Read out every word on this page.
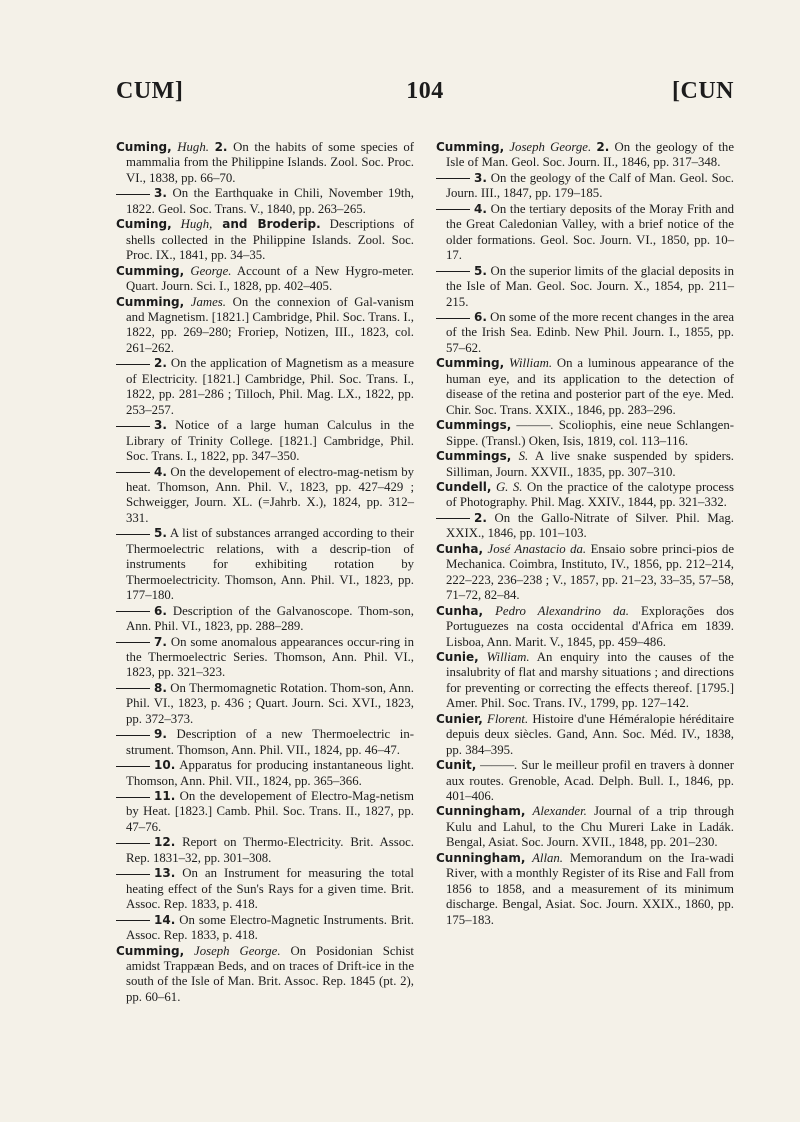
CUM]	104	[CUN

Cuming, Hugh. 2. On the habits of some species of mammalia from the Philippine Islands. Zool. Soc. Proc. VI., 1838, pp. 66–70.

3. On the Earthquake in Chili, November 19th, 1822. Geol. Soc. Trans. V., 1840, pp. 263–265.

Cuming, Hugh, and Broderip. Descriptions of shells collected in the Philippine Islands. Zool. Soc. Proc. IX., 1841, pp. 34–35.

Cumming, George. Account of a New Hygro-meter. Quart. Journ. Sci. I., 1828, pp. 402–405.

Cumming, James. On the connexion of Gal-vanism and Magnetism. [1821.] Cambridge, Phil. Soc. Trans. I., 1822, pp. 269–280; Froriep, Notizen, III., 1823, col. 261–262.

2. On the application of Magnetism as a measure of Electricity. [1821.] Cambridge, Phil. Soc. Trans. I., 1822, pp. 281–286 ; Tilloch, Phil. Mag. LX., 1822, pp. 253–257.

3. Notice of a large human Calculus in the Library of Trinity College. [1821.] Cambridge, Phil. Soc. Trans. I., 1822, pp. 347–350.

4. On the developement of electro-mag-netism by heat. Thomson, Ann. Phil. V., 1823, pp. 427–429 ; Schweigger, Journ. XL. (=Jahrb. X.), 1824, pp. 312–331.

5. A list of substances arranged according to their Thermoelectric relations, with a descrip-tion of instruments for exhibiting rotation by Thermoelectricity. Thomson, Ann. Phil. VI., 1823, pp. 177–180.

6. Description of the Galvanoscope. Thom-son, Ann. Phil. VI., 1823, pp. 288–289.

7. On some anomalous appearances occur-ring in the Thermoelectric Series. Thomson, Ann. Phil. VI., 1823, pp. 321–323.

8. On Thermomagnetic Rotation. Thom-son, Ann. Phil. VI., 1823, p. 436 ; Quart. Journ. Sci. XVI., 1823, pp. 372–373.

9. Description of a new Thermoelectric in-strument. Thomson, Ann. Phil. VII., 1824, pp. 46–47.

10. Apparatus for producing instantaneous light. Thomson, Ann. Phil. VII., 1824, pp. 365–366.

11. On the developement of Electro-Mag-netism by Heat. [1823.] Camb. Phil. Soc. Trans. II., 1827, pp. 47–76.

12. Report on Thermo-Electricity. Brit. Assoc. Rep. 1831–32, pp. 301–308.

13. On an Instrument for measuring the total heating effect of the Sun's Rays for a given time. Brit. Assoc. Rep. 1833, p. 418.

14. On some Electro-Magnetic Instruments. Brit. Assoc. Rep. 1833, p. 418.

Cumming, Joseph George. On Posidonian Schist amidst Trappæan Beds, and on traces of Drift-ice in the south of the Isle of Man. Brit. Assoc. Rep. 1845 (pt. 2), pp. 60–61.

Cumming, Joseph George. 2. On the geology of the Isle of Man. Geol. Soc. Journ. II., 1846, pp. 317–348.

3. On the geology of the Calf of Man. Geol. Soc. Journ. III., 1847, pp. 179–185.

4. On the tertiary deposits of the Moray Frith and the Great Caledonian Valley, with a brief notice of the older formations. Geol. Soc. Journ. VI., 1850, pp. 10–17.

5. On the superior limits of the glacial deposits in the Isle of Man. Geol. Soc. Journ. X., 1854, pp. 211–215.

6. On some of the more recent changes in the area of the Irish Sea. Edinb. New Phil. Journ. I., 1855, pp. 57–62.

Cumming, William. On a luminous appearance of the human eye, and its application to the detection of disease of the retina and posterior part of the eye. Med. Chir. Soc. Trans. XXIX., 1846, pp. 283–296.

Cummings, ———. Scoliophis, eine neue Schlangen-Sippe. (Transl.) Oken, Isis, 1819, col. 113–116.

Cummings, S. A live snake suspended by spiders. Silliman, Journ. XXVII., 1835, pp. 307–310.

Cundell, G. S. On the practice of the calotype process of Photography. Phil. Mag. XXIV., 1844, pp. 321–332.

2. On the Gallo-Nitrate of Silver. Phil. Mag. XXIX., 1846, pp. 101–103.

Cunha, José Anastacio da. Ensaio sobre princi-pios de Mechanica. Coimbra, Instituto, IV., 1856, pp. 212–214, 222–223, 236–238 ; V., 1857, pp. 21–23, 33–35, 57–58, 71–72, 82–84.

Cunha, Pedro Alexandrino da. Explorações dos Portuguezes na costa occidental d'Africa em 1839. Lisboa, Ann. Marit. V., 1845, pp. 459–486.

Cunie, William. An enquiry into the causes of the insalubrity of flat and marshy situations ; and directions for preventing or correcting the effects thereof. [1795.] Amer. Phil. Soc. Trans. IV., 1799, pp. 127–142.

Cunier, Florent. Histoire d'une Héméralopie héréditaire depuis deux siècles. Gand, Ann. Soc. Méd. IV., 1838, pp. 384–395.

Cunit, ———. Sur le meilleur profil en travers à donner aux routes. Grenoble, Acad. Delph. Bull. I., 1846, pp. 401–406.

Cunningham, Alexander. Journal of a trip through Kulu and Lahul, to the Chu Mureri Lake in Ladák. Bengal, Asiat. Soc. Journ. XVII., 1848, pp. 201–230.

Cunningham, Allan. Memorandum on the Ira-wadi River, with a monthly Register of its Rise and Fall from 1856 to 1858, and a measurement of its minimum discharge. Bengal, Asiat. Soc. Journ. XXIX., 1860, pp. 175–183.
